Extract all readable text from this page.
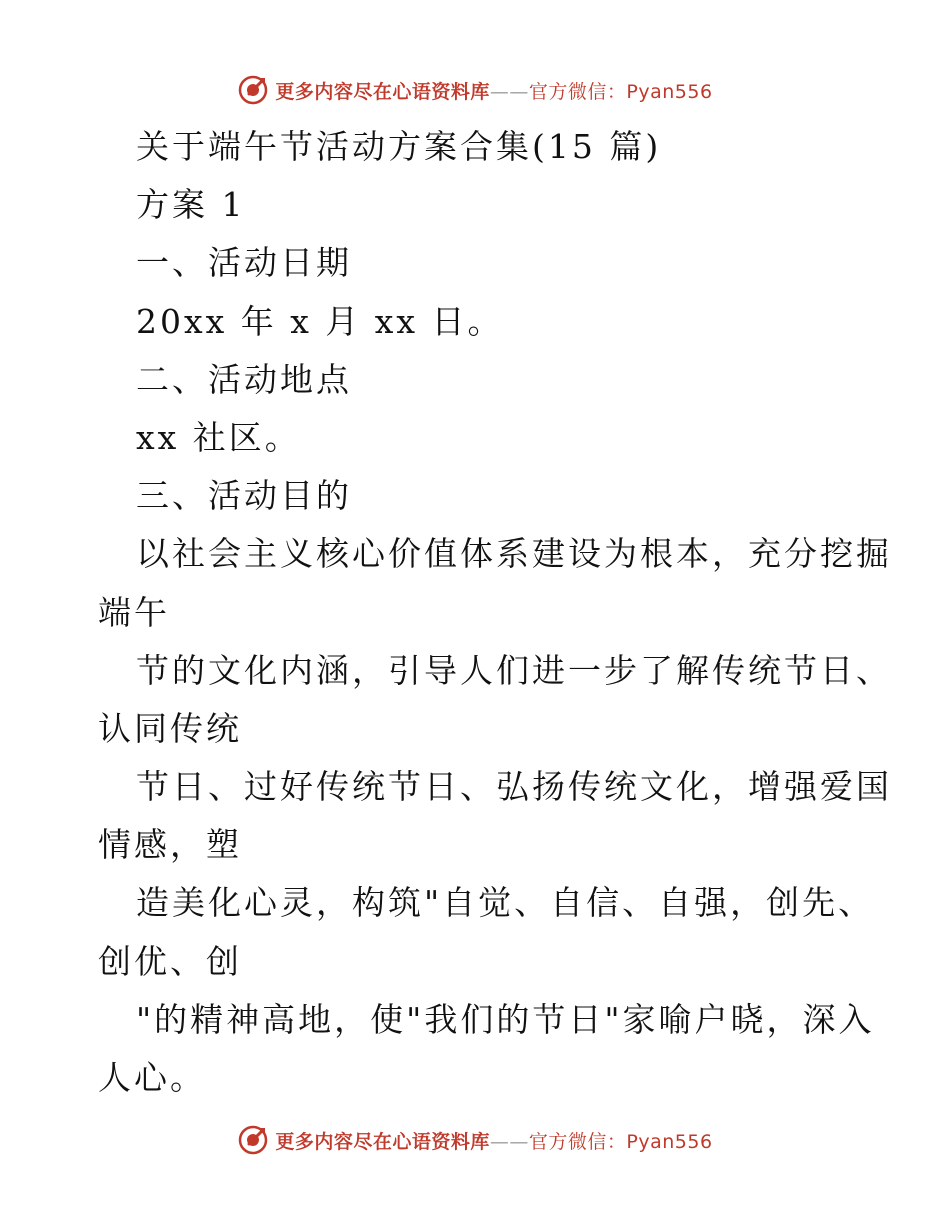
更多内容尽在心语资料库——官方微信：Pyan556
关于端午节活动方案合集(15 篇)
方案 1
一、活动日期
20xx 年 x 月 xx 日。
二、活动地点
xx 社区。
三、活动目的
以社会主义核心价值体系建设为根本，充分挖掘
端午
节的文化内涵，引导人们进一步了解传统节日、
认同传统
节日、过好传统节日、弘扬传统文化，增强爱国
情感，塑
造美化心灵，构筑"自觉、自信、自强，创先、
创优、创
"的精神高地，使"我们的节日"家喻户晓，深入
人心。
更多内容尽在心语资料库——官方微信：Pyan556
